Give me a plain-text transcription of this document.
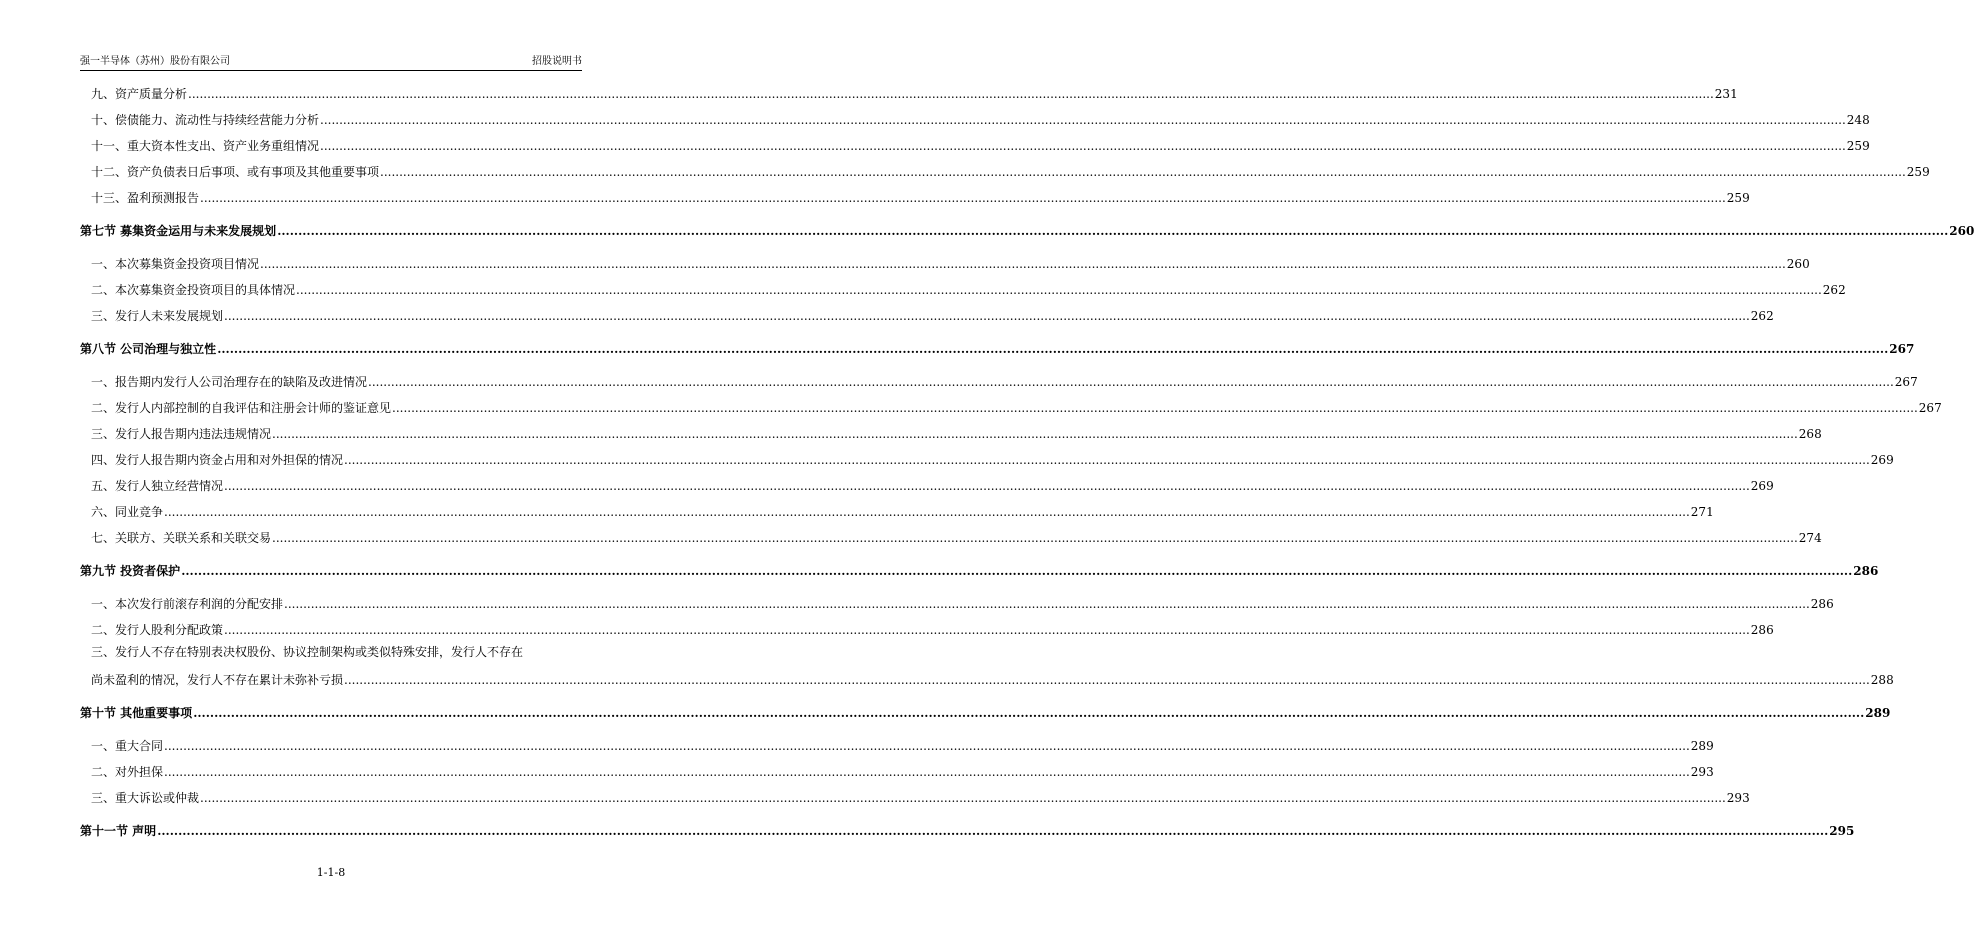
强一半导体（苏州）股份有限公司	招股说明书
九、资产质量分析 ................................................................................................................................................................................................................................................................................................................................................................................................................ 231
十、偿债能力、流动性与持续经营能力分析 ................................................................................................................................................................................................................................................................................................................................................................................................................ 248
十一、重大资本性支出、资产业务重组情况 ................................................................................................................................................................................................................................................................................................................................................................................................................ 259
十二、资产负债表日后事项、或有事项及其他重要事项 ................................................................................................................................................................................................................................................................................................................................................................................................................ 259
十三、盈利预测报告 ................................................................................................................................................................................................................................................................................................................................................................................................................ 259
第七节 募集资金运用与未来发展规划 ................................................................................................................................................................................................................................................................................................................................................................................................................ 260
一、本次募集资金投资项目情况 ................................................................................................................................................................................................................................................................................................................................................................................................................ 260
二、本次募集资金投资项目的具体情况 ................................................................................................................................................................................................................................................................................................................................................................................................................ 262
三、发行人未来发展规划 ................................................................................................................................................................................................................................................................................................................................................................................................................ 262
第八节 公司治理与独立性 ................................................................................................................................................................................................................................................................................................................................................................................................................ 267
一、报告期内发行人公司治理存在的缺陷及改进情况 ................................................................................................................................................................................................................................................................................................................................................................................................................ 267
二、发行人内部控制的自我评估和注册会计师的鉴证意见 ................................................................................................................................................................................................................................................................................................................................................................................................................ 267
三、发行人报告期内违法违规情况 ................................................................................................................................................................................................................................................................................................................................................................................................................ 268
四、发行人报告期内资金占用和对外担保的情况 ................................................................................................................................................................................................................................................................................................................................................................................................................ 269
五、发行人独立经营情况 ................................................................................................................................................................................................................................................................................................................................................................................................................ 269
六、同业竞争 ................................................................................................................................................................................................................................................................................................................................................................................................................ 271
七、关联方、关联关系和关联交易 ................................................................................................................................................................................................................................................................................................................................................................................................................ 274
第九节 投资者保护 ................................................................................................................................................................................................................................................................................................................................................................................................................ 286
一、本次发行前滚存利润的分配安排 ................................................................................................................................................................................................................................................................................................................................................................................................................ 286
二、发行人股利分配政策 ................................................................................................................................................................................................................................................................................................................................................................................................................ 286
三、发行人不存在特别表决权股份、协议控制架构或类似特殊安排，发行人不存在
尚未盈利的情况，发行人不存在累计未弥补亏损 ................................................................................................................................................................................................................................................................................................................................................................................................................ 288
第十节 其他重要事项 ................................................................................................................................................................................................................................................................................................................................................................................................................ 289
一、重大合同 ................................................................................................................................................................................................................................................................................................................................................................................................................ 289
二、对外担保 ................................................................................................................................................................................................................................................................................................................................................................................................................ 293
三、重大诉讼或仲裁 ................................................................................................................................................................................................................................................................................................................................................................................................................ 293
第十一节 声明 ................................................................................................................................................................................................................................................................................................................................................................................................................ 295
1-1-8
